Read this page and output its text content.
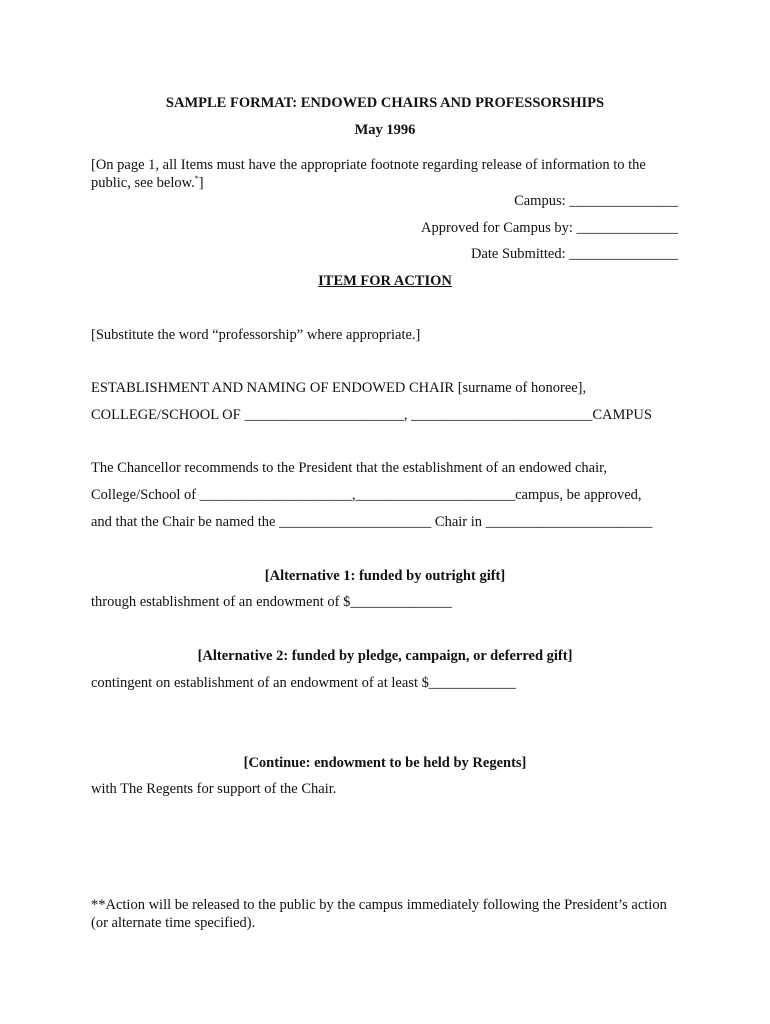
SAMPLE FORMAT: ENDOWED CHAIRS AND PROFESSORSHIPS
May 1996
[On page 1, all Items must have the appropriate footnote regarding release of information to the public, see below.*]
Campus: _______________
Approved for Campus by: ______________
Date Submitted: _______________
ITEM FOR ACTION
[Substitute the word “professorship” where appropriate.]
ESTABLISHMENT AND NAMING OF ENDOWED CHAIR [surname of honoree],
COLLEGE/SCHOOL OF ______________________, _________________________CAMPUS
The Chancellor recommends to the President that the establishment of an endowed chair,
College/School of _____________________,______________________campus, be approved,
and that the Chair be named the _____________________ Chair in _______________________
[Alternative 1: funded by outright gift]
through establishment of an endowment of $______________
[Alternative 2: funded by pledge, campaign, or deferred gift]
contingent on establishment of an endowment of at least $____________
[Continue: endowment to be held by Regents]
with The Regents for support of the Chair.
**Action will be released to the public by the campus immediately following the President’s action (or alternate time specified).
